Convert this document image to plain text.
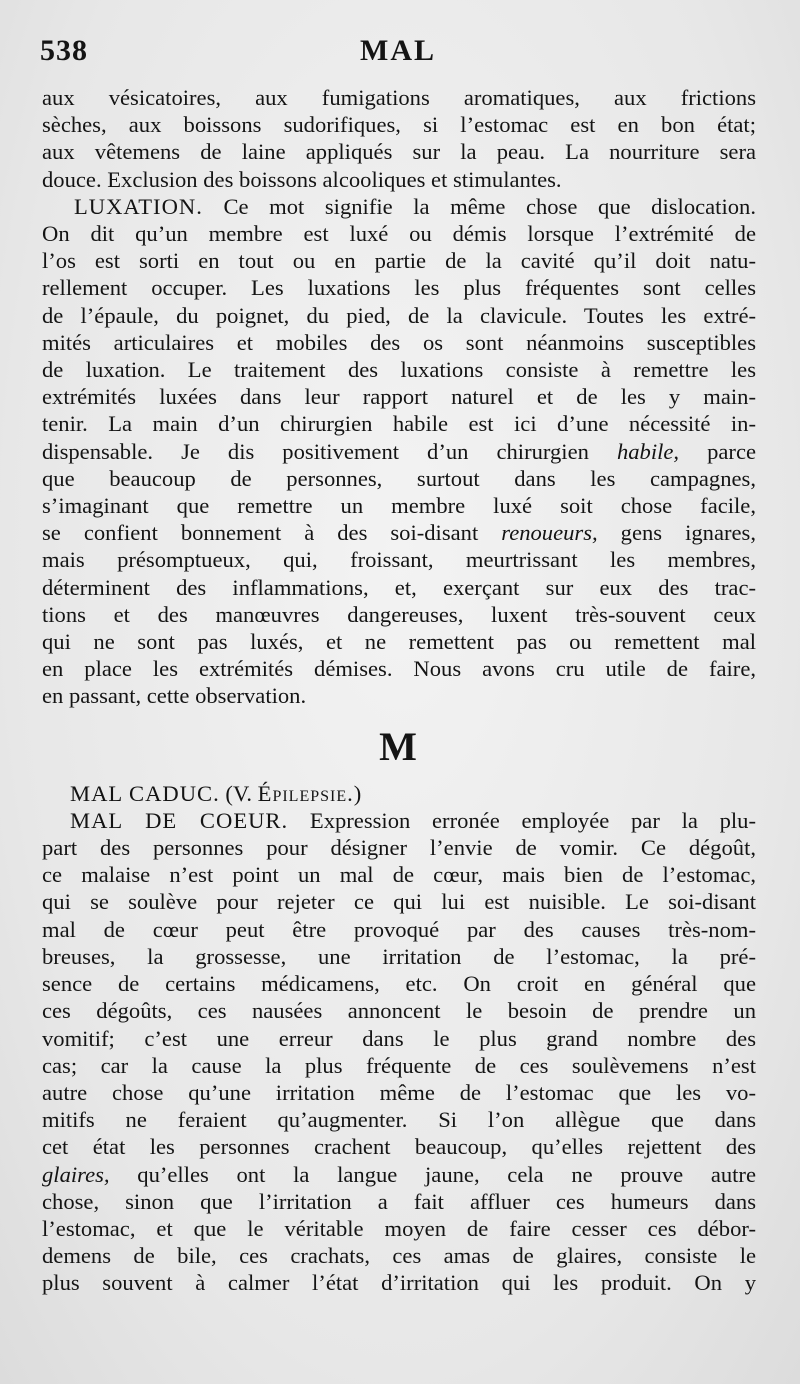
538	MAL
aux vésicatoires, aux fumigations aromatiques, aux frictions
sèches, aux boissons sudorifiques, si l’estomac est en bon état;
aux vêtemens de laine appliqués sur la peau. La nourriture sera
douce. Exclusion des boissons alcooliques et stimulantes.
LUXATION. Ce mot signifie la même chose que dislocation.
On dit qu’un membre est luxé ou démis lorsque l’extrémité de
l’os est sorti en tout ou en partie de la cavité qu’il doit natu-
rellement occuper. Les luxations les plus fréquentes sont celles
de l’épaule, du poignet, du pied, de la clavicule. Toutes les extré-
mités articulaires et mobiles des os sont néanmoins susceptibles
de luxation. Le traitement des luxations consiste à remettre les
extrémités luxées dans leur rapport naturel et de les y main-
tenir. La main d’un chirurgien habile est ici d’une nécessité in-
dispensable. Je dis positivement d’un chirurgien habile, parce
que beaucoup de personnes, surtout dans les campagnes,
s’imaginant que remettre un membre luxé soit chose facile,
se confient bonnement à des soi-disant renoueurs, gens ignares,
mais présomptueux, qui, froissant, meurtrissant les membres,
déterminent des inflammations, et, exerçant sur eux des trac-
tions et des manœuvres dangereuses, luxent très-souvent ceux
qui ne sont pas luxés, et ne remettent pas ou remettent mal
en place les extrémités démises. Nous avons cru utile de faire,
en passant, cette observation.
M
MAL CADUC. (V. Épilepsie.)
MAL DE COEUR. Expression erronée employée par la plu-
part des personnes pour désigner l’envie de vomir. Ce dégoût,
ce malaise n’est point un mal de cœur, mais bien de l’estomac,
qui se soulève pour rejeter ce qui lui est nuisible. Le soi-disant
mal de cœur peut être provoqué par des causes très-nom-
breuses, la grossesse, une irritation de l’estomac, la pré-
sence de certains médicamens, etc. On croit en général que
ces dégoûts, ces nausées annoncent le besoin de prendre un
vomitif; c’est une erreur dans le plus grand nombre des
cas; car la cause la plus fréquente de ces soulèvemens n’est
autre chose qu’une irritation même de l’estomac que les vo-
mitifs ne feraient qu’augmenter. Si l’on allègue que dans
cet état les personnes crachent beaucoup, qu’elles rejettent des
glaires, qu’elles ont la langue jaune, cela ne prouve autre
chose, sinon que l’irritation a fait affluer ces humeurs dans
l’estomac, et que le véritable moyen de faire cesser ces débor-
demens de bile, ces crachats, ces amas de glaires, consiste le
plus souvent à calmer l’état d’irritation qui les produit. On y
